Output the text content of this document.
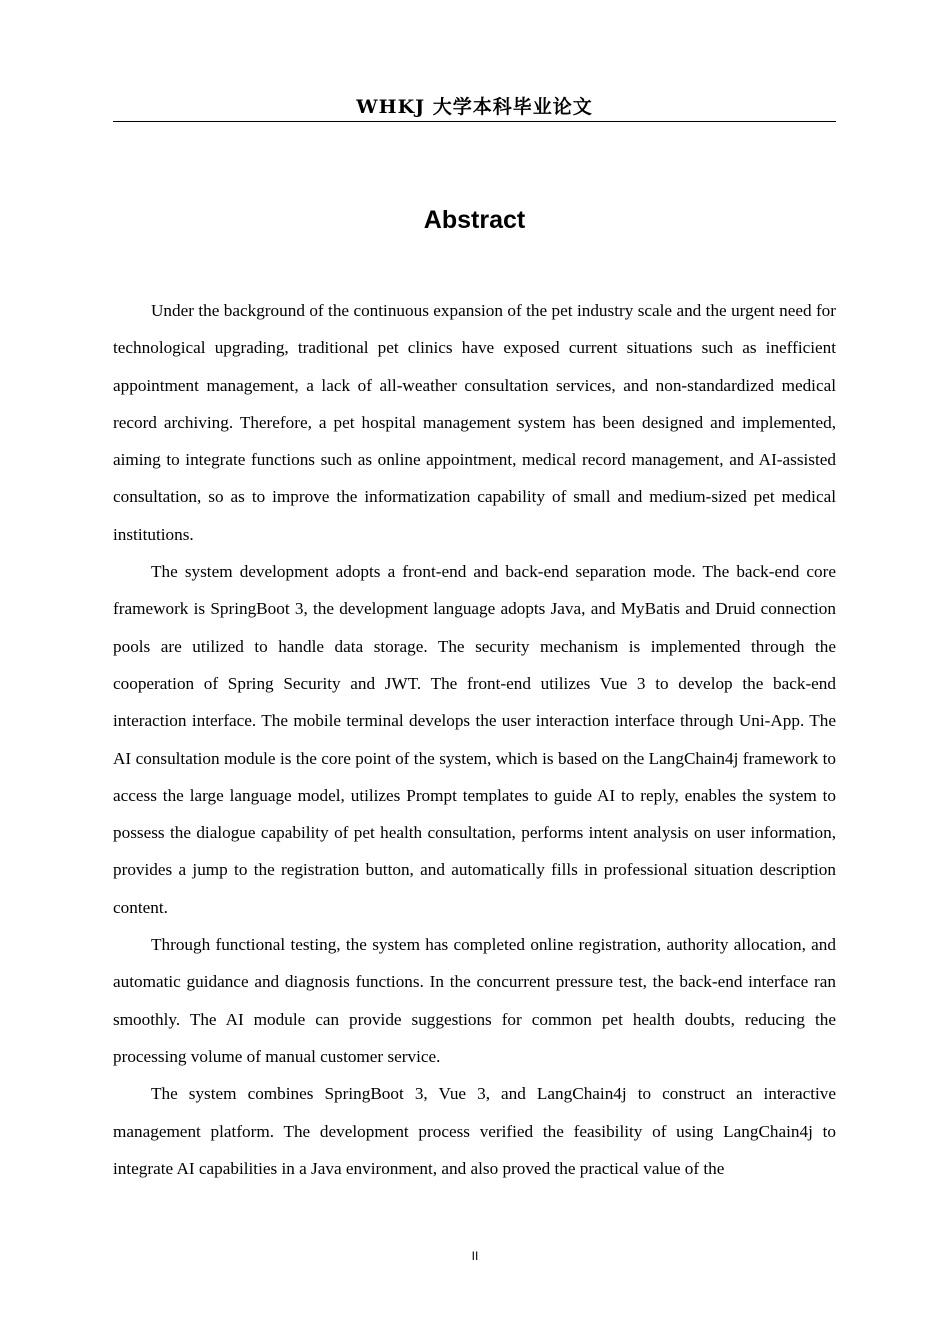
WHKJ 大学本科毕业论文
Abstract

Under the background of the continuous expansion of the pet industry scale and the urgent need for technological upgrading, traditional pet clinics have exposed current situations such as inefficient appointment management, a lack of all-weather consultation services, and non-standardized medical record archiving. Therefore, a pet hospital management system has been designed and implemented, aiming to integrate functions such as online appointment, medical record management, and AI-assisted consultation, so as to improve the informatization capability of small and medium-sized pet medical institutions.

The system development adopts a front-end and back-end separation mode. The back-end core framework is SpringBoot 3, the development language adopts Java, and MyBatis and Druid connection pools are utilized to handle data storage. The security mechanism is implemented through the cooperation of Spring Security and JWT. The front-end utilizes Vue 3 to develop the back-end interaction interface. The mobile terminal develops the user interaction interface through Uni-App. The AI consultation module is the core point of the system, which is based on the LangChain4j framework to access the large language model, utilizes Prompt templates to guide AI to reply, enables the system to possess the dialogue capability of pet health consultation, performs intent analysis on user information, provides a jump to the registration button, and automatically fills in professional situation description content.

Through functional testing, the system has completed online registration, authority allocation, and automatic guidance and diagnosis functions. In the concurrent pressure test, the back-end interface ran smoothly. The AI module can provide suggestions for common pet health doubts, reducing the processing volume of manual customer service.

The system combines SpringBoot 3, Vue 3, and LangChain4j to construct an interactive management platform. The development process verified the feasibility of using LangChain4j to integrate AI capabilities in a Java environment, and also proved the practical value of the

II
